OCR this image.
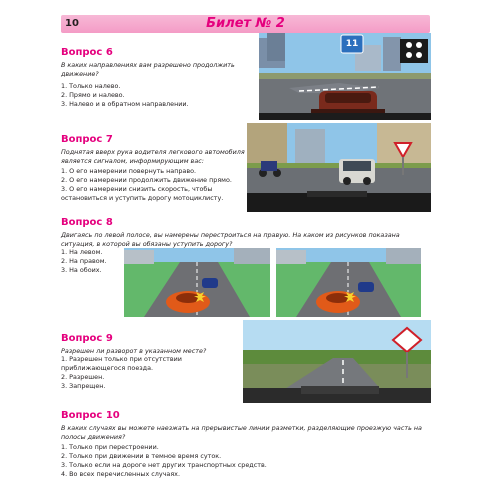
10	Билет № 2
Вопрос 6
В каких направлениях вам разрешено продолжить движение?
1. Только налево.
2. Прямо и налево.
3. Налево и в обратном направлении.
11
Вопрос 7
Поднятая вверх рука водителя легкового автомобиля является сигналом, информирующим вас:
1. О его намерении повернуть направо.
2. О его намерении продолжить движение прямо.
3. О его намерении снизить скорость, чтобы остановиться и уступить дорогу мотоциклисту.
Вопрос 8
Двигаясь по левой полосе, вы намерены перестроиться на правую. На каком из рисунков показана ситуация, в которой вы обязаны уступить дорогу?
1. На левом.
2. На правом.
3. На обоих.
Вопрос 9
Разрешен ли разворот в указанном месте?
1. Разрешен только при отсутствии приближающегося поезда.
2. Разрешен.
3. Запрещен.
Вопрос 10
В каких случаях вы можете наезжать на прерывистые линии разметки, разделяющие проезжую часть на полосы движения?
1. Только при перестроении.
2. Только при движении в темное время суток.
3. Только если на дороге нет других транспортных средств.
4. Во всех перечисленных случаях.
